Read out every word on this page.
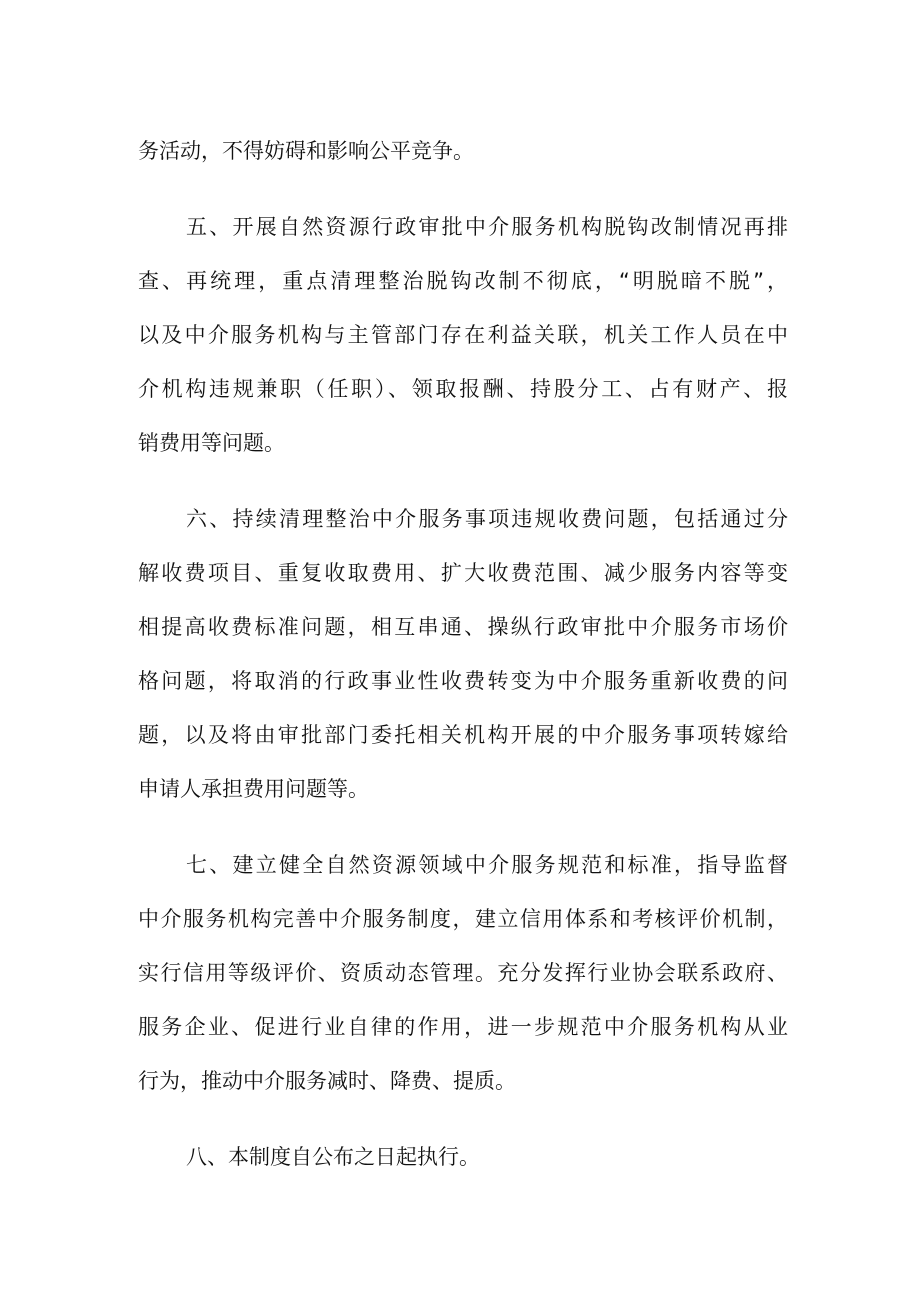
务活动，不得妨碍和影响公平竞争。

五、开展自然资源行政审批中介服务机构脱钩改制情况再排
查、再统理，重点清理整治脱钩改制不彻底，“明脱暗不脱”，
以及中介服务机构与主管部门存在利益关联，机关工作人员在中
介机构违规兼职（任职）、领取报酬、持股分工、占有财产、报
销费用等问题。

六、持续清理整治中介服务事项违规收费问题，包括通过分
解收费项目、重复收取费用、扩大收费范围、减少服务内容等变
相提高收费标准问题，相互串通、操纵行政审批中介服务市场价
格问题，将取消的行政事业性收费转变为中介服务重新收费的问
题，以及将由审批部门委托相关机构开展的中介服务事项转嫁给
申请人承担费用问题等。

七、建立健全自然资源领域中介服务规范和标准，指导监督
中介服务机构完善中介服务制度，建立信用体系和考核评价机制，
实行信用等级评价、资质动态管理。充分发挥行业协会联系政府、
服务企业、促进行业自律的作用，进一步规范中介服务机构从业
行为，推动中介服务减时、降费、提质。

八、本制度自公布之日起执行。
